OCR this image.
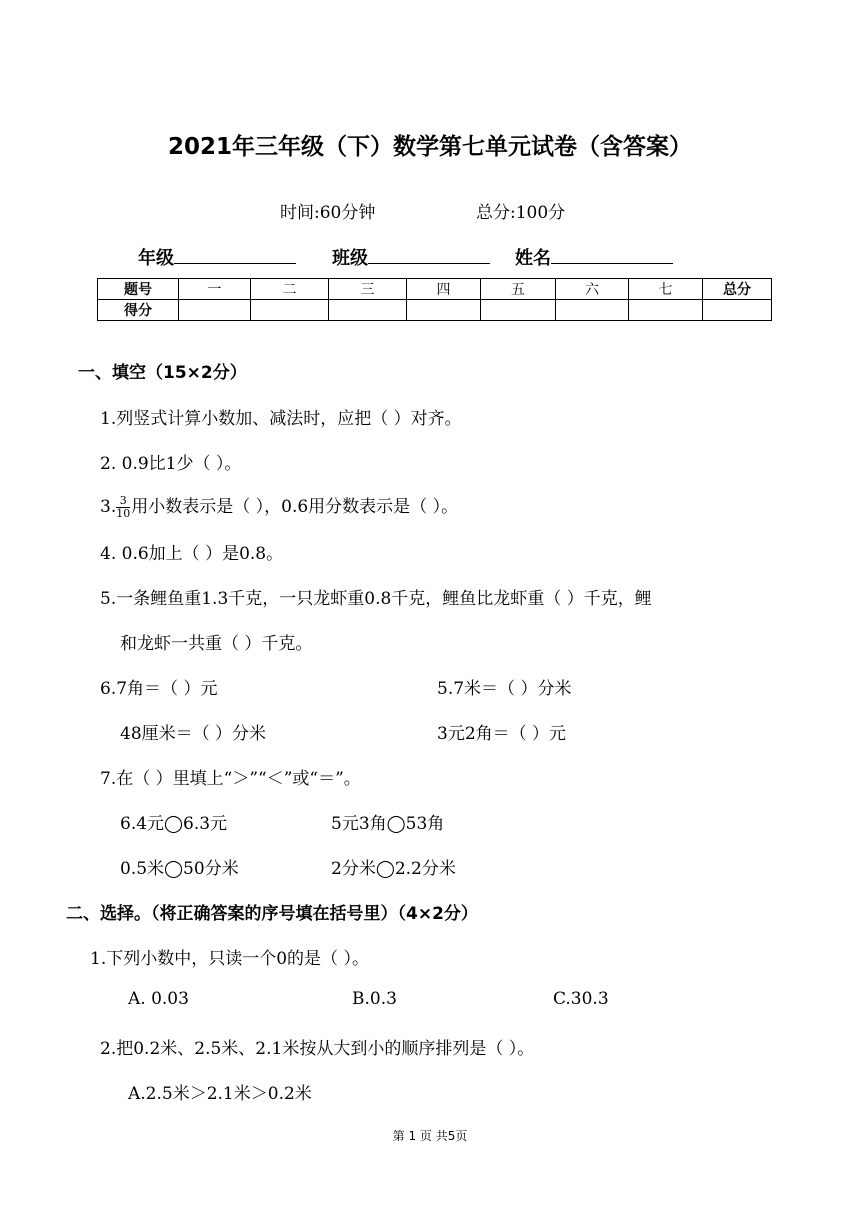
2021年三年级（下）数学第七单元试卷（含答案）
时间:60分钟	总分:100分
年级	班级	姓名
题号	一	二	三	四	五	六	七	总分
得分								
一、填空（15×2分）
1.列竖式计算小数加、减法时，应把（ ）对齐。
2. 0.9比1少（ ）。
3. $\frac{3}{10}$ 用小数表示是（ ），0.6用分数表示是（ ）。
4. 0.6加上（ ）是0.8。
5.一条鲤鱼重1.3千克，一只龙虾重0.8千克，鲤鱼比龙虾重（ ）千克，鲤
和龙虾一共重（ ）千克。
6.7角＝（ ）元	5.7米＝（ ）分米
48厘米＝（ ）分米	3元2角＝（ ）元
7.在（ ）里填上“＞”“＜”或“＝”。
6.4元◯6.3元	5元3角◯53角
0.5米◯50分米	2分米◯2.2分米
二、选择。（将正确答案的序号填在括号里）（4×2分）
1.下列小数中，只读一个0的是（ ）。
A. 0.03	B.0.3	C.30.3
2.把0.2米、2.5米、2.1米按从大到小的顺序排列是（ ）。
A.2.5米＞2.1米＞0.2米
第 1 页 共5页
